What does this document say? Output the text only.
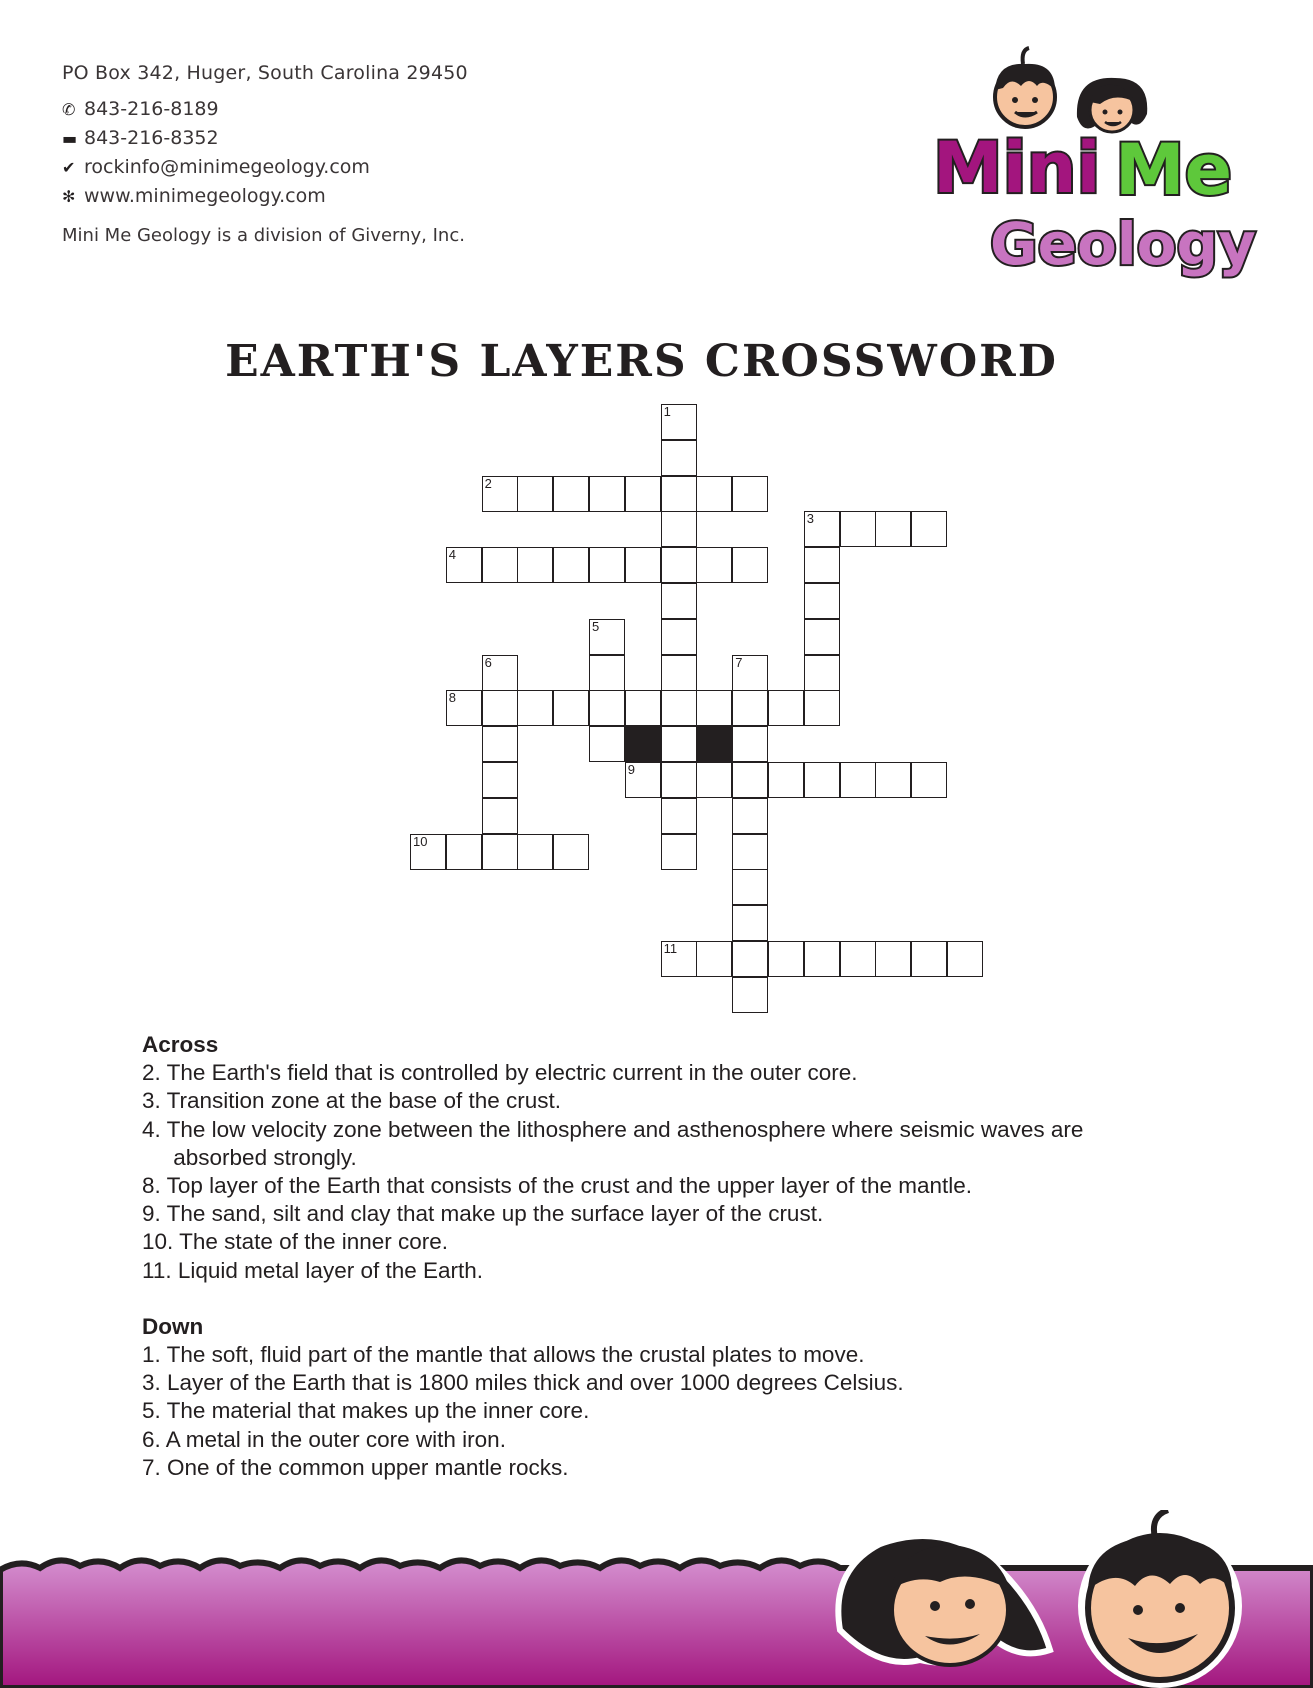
PO Box 342, Huger, South Carolina 29450
✆ 843-216-8189
▬ 843-216-8352
✔ rockinfo@minimegeology.com
✻ www.minimegeology.com
Mini Me Geology is a division of Giverny, Inc.
Mini Me
Geology
EARTH'S LAYERS CROSSWORD
1
2
3
4
5
6	7
8
9
10
11
Across
2. The Earth's field that is controlled by electric current in the outer core.
3. Transition zone at the base of the crust.
4. The low velocity zone between the lithosphere and asthenosphere where seismic waves are
absorbed strongly.
8. Top layer of the Earth that consists of the crust and the upper layer of the mantle.
9. The sand, silt and clay that make up the surface layer of the crust.
10. The state of the inner core.
11. Liquid metal layer of the Earth.
Down
1. The soft, fluid part of the mantle that allows the crustal plates to move.
3. Layer of the Earth that is 1800 miles thick and over 1000 degrees Celsius.
5. The material that makes up the inner core.
6. A metal in the outer core with iron.
7. One of the common upper mantle rocks.
